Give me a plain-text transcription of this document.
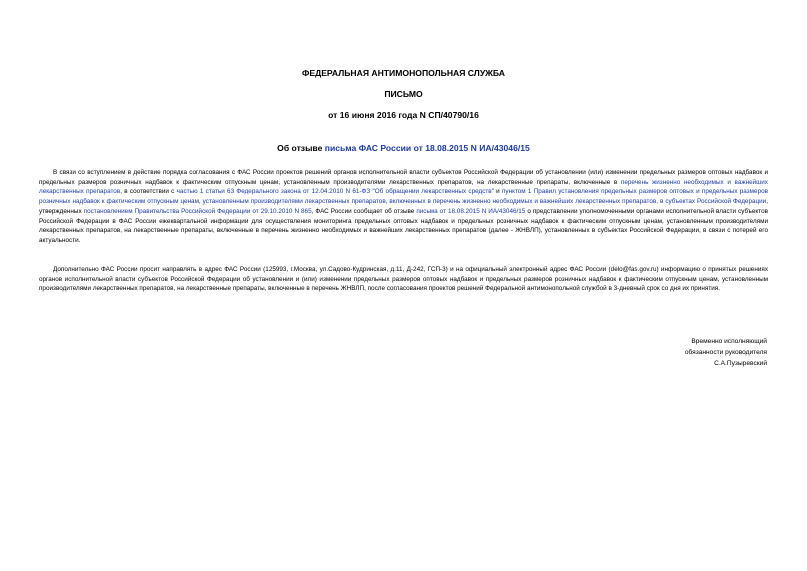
ФЕДЕРАЛЬНАЯ АНТИМОНОПОЛЬНАЯ СЛУЖБА
ПИСЬМО
от 16 июня 2016 года N СП/40790/16
Об отзыве письма ФАС России от 18.08.2015 N ИА/43046/15
В связи со вступлением в действие порядка согласования с ФАС России проектов решений органов исполнительной власти субъектов Российской Федерации об установлении (или) изменении предельных размеров оптовых надбавок и предельных размеров розничных надбавок к фактическим отпускным ценам, установленным производителями лекарственных препаратов, на лекарственные препараты, включенные в перечень жизненно необходимых и важнейших лекарственных препаратов, в соответствии с частью 1 статьи 63 Федерального закона от 12.04.2010 N 61-ФЗ "Об обращении лекарственных средств" и пунктом 1 Правил установления предельных размеров оптовых и предельных размеров розничных надбавок к фактическим отпускным ценам, установленным производителями лекарственных препаратов, включенных в перечень жизненно необходимых и важнейших лекарственных препаратов, в субъектах Российской Федерации, утвержденных постановлением Правительства Российской Федерации от 29.10.2010 N 865, ФАС России сообщает об отзыве письма от 18.08.2015 N ИА/43046/15 о представлении уполномоченными органами исполнительной власти субъектов Российской Федерации в ФАС России ежеквартальной информации для осуществления мониторинга предельных оптовых надбавок и предельных розничных надбавок к фактическим отпускным ценам, установленным производителями лекарственных препаратов, на лекарственные препараты, включенные в перечень жизненно необходимых и важнейших лекарственных препаратов (далее - ЖНВЛП), установленных в субъектах Российской Федерации, в связи с потерей его актуальности.
Дополнительно ФАС России просит направлять в адрес ФАС России (125993, г.Москва, ул.Садово-Кудринская, д.11, Д-242, ГСП-3) и на официальный электронный адрес ФАС России (delo@fas.gov.ru) информацию о принятых решениях органов исполнительной власти субъектов Российской Федерации об установлении и (или) изменении предельных размеров оптовых надбавок и предельных размеров розничных надбавок к фактическим отпускным ценам, установленным производителями лекарственных препаратов, на лекарственные препараты, включенные в перечень ЖНВЛП, после согласования проектов решений Федеральной антимонопольной службой в 3-дневный срок со дня их принятия.
Временно исполняющий
обязанности руководителя
С.А.Пузыревский
